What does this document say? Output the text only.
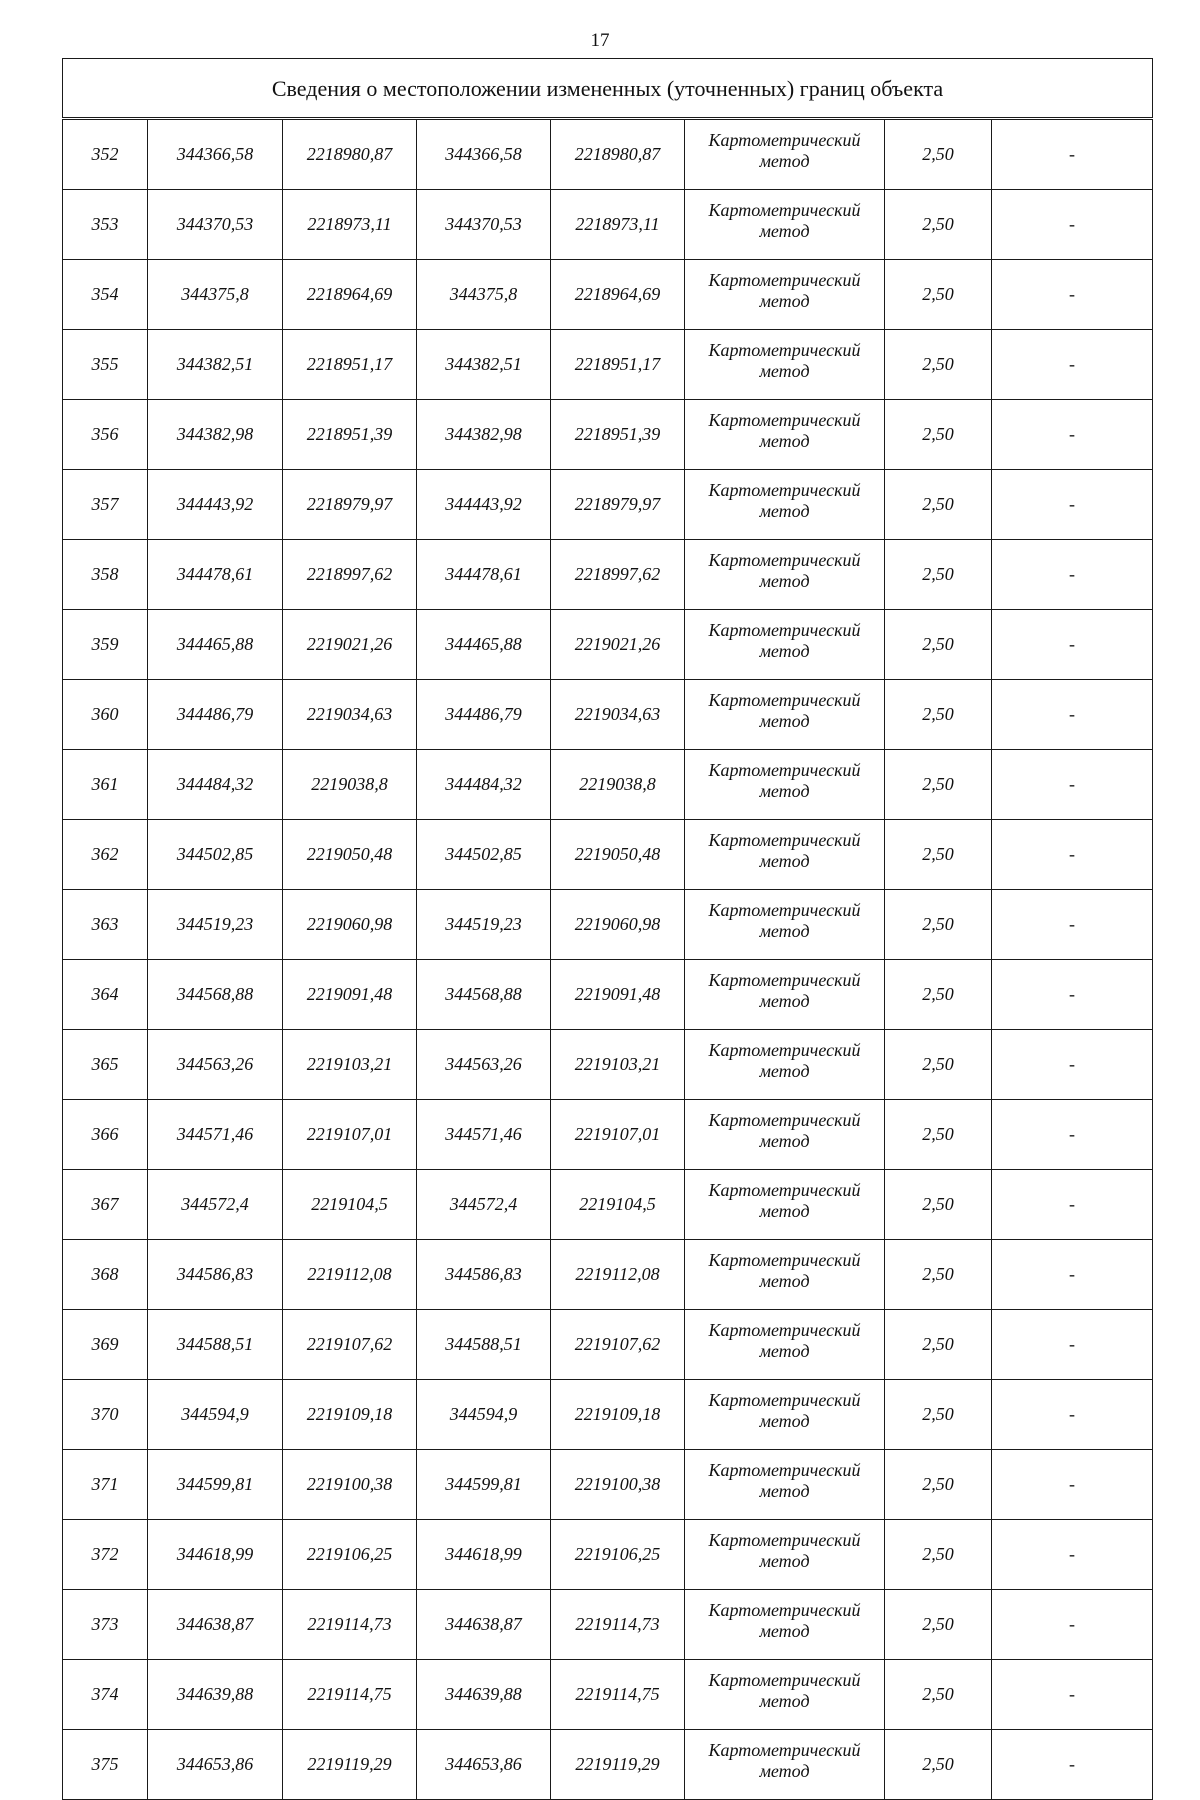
17
Сведения о местоположении измененных (уточненных) границ объекта							
352	344366,58	2218980,87	344366,58	2218980,87	Картометрический метод	2,50	-
353	344370,53	2218973,11	344370,53	2218973,11	Картометрический метод	2,50	-
354	344375,8	2218964,69	344375,8	2218964,69	Картометрический метод	2,50	-
355	344382,51	2218951,17	344382,51	2218951,17	Картометрический метод	2,50	-
356	344382,98	2218951,39	344382,98	2218951,39	Картометрический метод	2,50	-
357	344443,92	2218979,97	344443,92	2218979,97	Картометрический метод	2,50	-
358	344478,61	2218997,62	344478,61	2218997,62	Картометрический метод	2,50	-
359	344465,88	2219021,26	344465,88	2219021,26	Картометрический метод	2,50	-
360	344486,79	2219034,63	344486,79	2219034,63	Картометрический метод	2,50	-
361	344484,32	2219038,8	344484,32	2219038,8	Картометрический метод	2,50	-
362	344502,85	2219050,48	344502,85	2219050,48	Картометрический метод	2,50	-
363	344519,23	2219060,98	344519,23	2219060,98	Картометрический метод	2,50	-
364	344568,88	2219091,48	344568,88	2219091,48	Картометрический метод	2,50	-
365	344563,26	2219103,21	344563,26	2219103,21	Картометрический метод	2,50	-
366	344571,46	2219107,01	344571,46	2219107,01	Картометрический метод	2,50	-
367	344572,4	2219104,5	344572,4	2219104,5	Картометрический метод	2,50	-
368	344586,83	2219112,08	344586,83	2219112,08	Картометрический метод	2,50	-
369	344588,51	2219107,62	344588,51	2219107,62	Картометрический метод	2,50	-
370	344594,9	2219109,18	344594,9	2219109,18	Картометрический метод	2,50	-
371	344599,81	2219100,38	344599,81	2219100,38	Картометрический метод	2,50	-
372	344618,99	2219106,25	344618,99	2219106,25	Картометрический метод	2,50	-
373	344638,87	2219114,73	344638,87	2219114,73	Картометрический метод	2,50	-
374	344639,88	2219114,75	344639,88	2219114,75	Картометрический метод	2,50	-
375	344653,86	2219119,29	344653,86	2219119,29	Картометрический метод	2,50	-
